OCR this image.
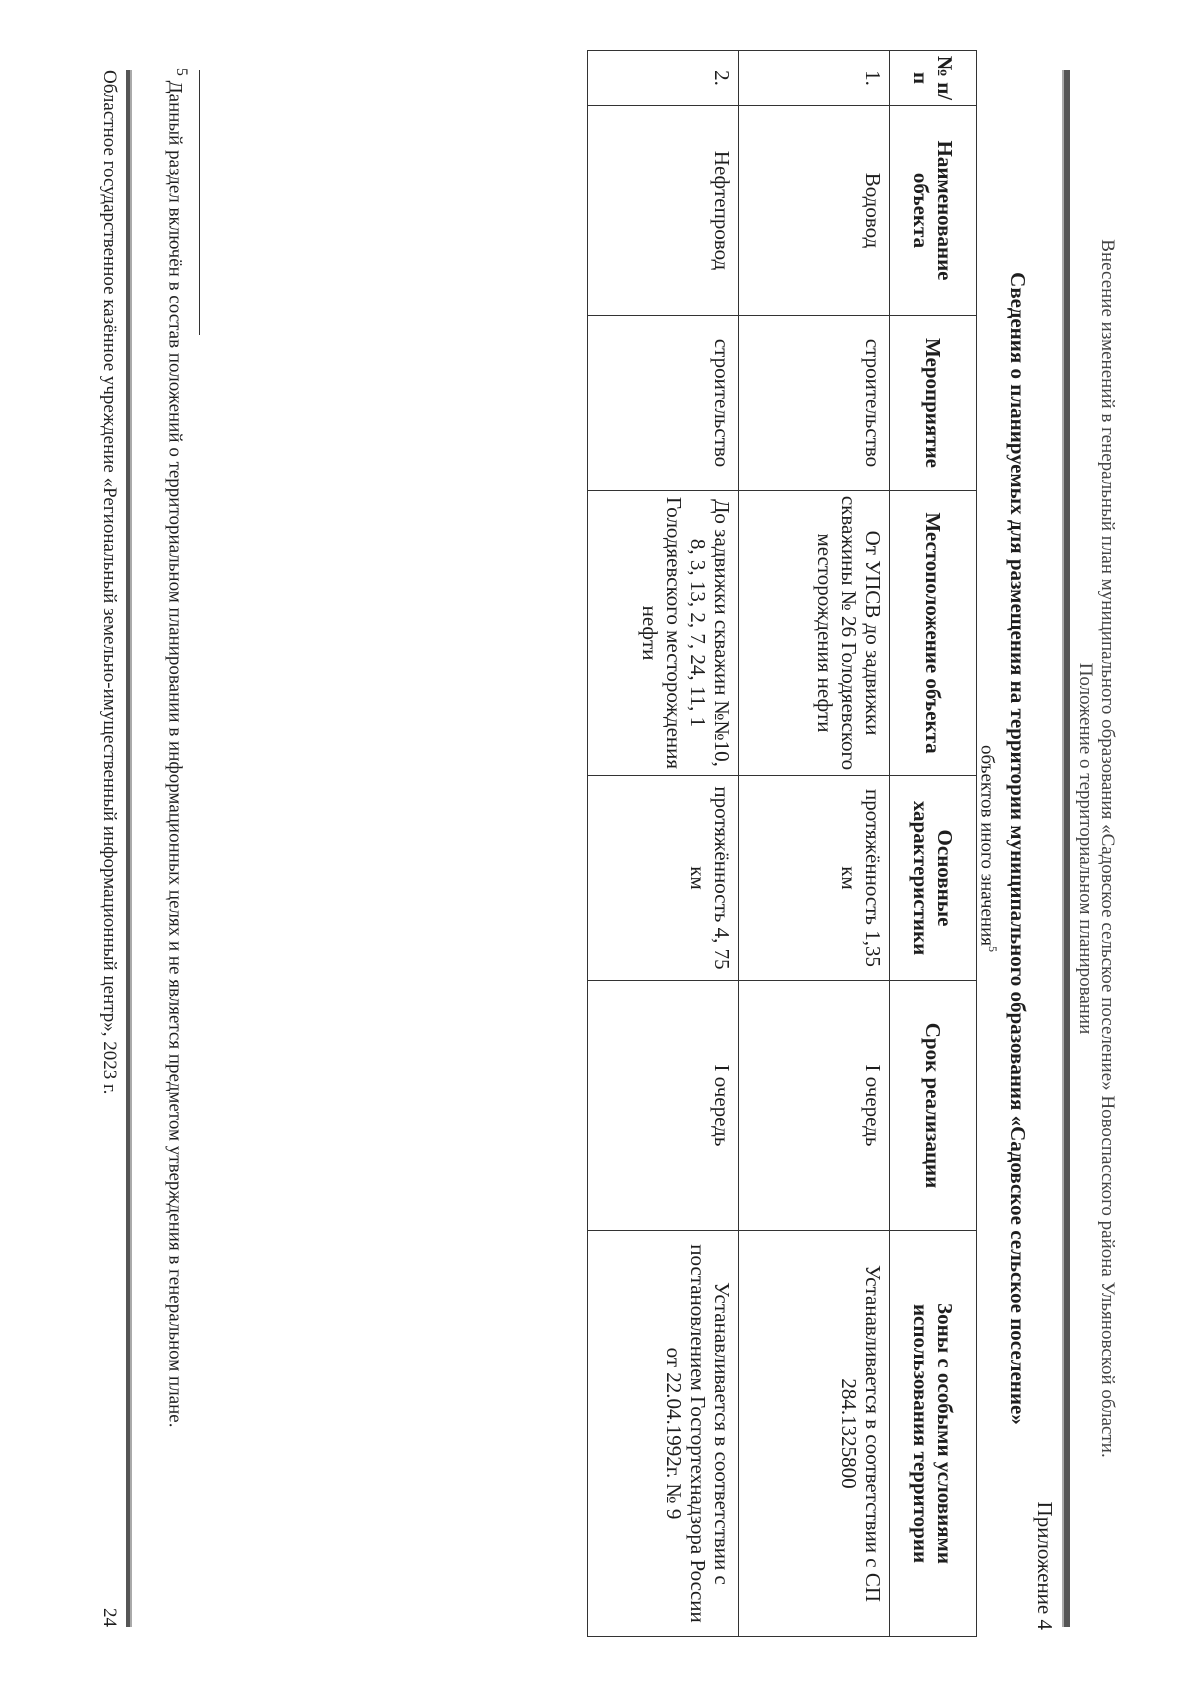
Внесение изменений в генеральный план муниципального образования «Садовское сельское поселение» Новоспасского района Ульяновской области.
Положение о территориальном планировании
Приложение 4
Сведения о планируемых для размещения на территории муниципального образования «Садовское сельское поселение»
объектов иного значения$^5$
№ п/п	Наименование объекта	Мероприятие	Местоположение объекта	Основные характеристики	Срок реализации	Зоны с особыми условиями использования территории
1.	Водовод	строительство	От УПСВ до задвижки скважины № 26 Голодяевского месторождения нефти	протяжённость 1,35 км	I очередь	Устанавливается в соответствии с СП 284.1325800
2.	Нефтепровод	строительство	До задвижки скважин №№10, 8, 3, 13, 2, 7, 24, 11, 1 Голодяевского месторождения нефти	протяжённость 4, 75 км	I очередь	Устанавливается в соответствии с постановлением Госгортехнадзора России от 22.04.1992г. № 9
$^5$ Данный раздел включён в состав положений о территориальном планировании в информационных целях и не является предметом утверждения в генеральном плане.
Областное государственное казённое учреждение «Региональный земельно-имущественный информационный центр», 2023 г.
24
